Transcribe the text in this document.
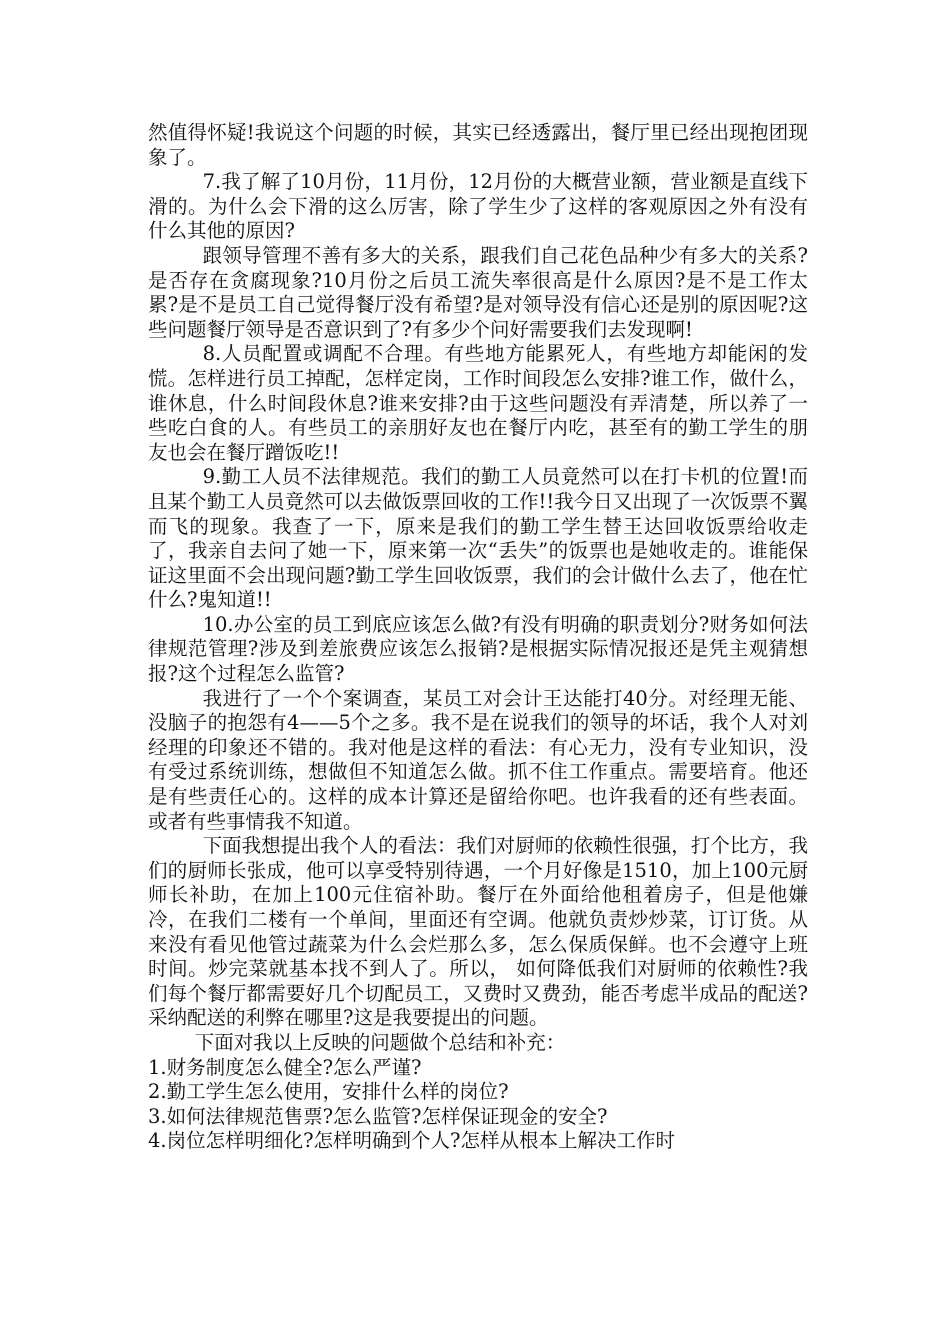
然值得怀疑!我说这个问题的时候，其实已经透露出，餐厅里已经出现抱团现象了。

7.我了解了10月份，11月份，12月份的大概营业额，营业额是直线下滑的。为什么会下滑的这么厉害，除了学生少了这样的客观原因之外有没有什么其他的原因?

跟领导管理不善有多大的关系，跟我们自己花色品种少有多大的关系?是否存在贪腐现象?10月份之后员工流失率很高是什么原因?是不是工作太累?是不是员工自己觉得餐厅没有希望?是对领导没有信心还是别的原因呢?这些问题餐厅领导是否意识到了?有多少个问好需要我们去发现啊!

8.人员配置或调配不合理。有些地方能累死人，有些地方却能闲的发慌。怎样进行员工掉配，怎样定岗，工作时间段怎么安排?谁工作，做什么，谁休息，什么时间段休息?谁来安排?由于这些问题没有弄清楚，所以养了一些吃白食的人。有些员工的亲朋好友也在餐厅内吃，甚至有的勤工学生的朋友也会在餐厅蹭饭吃!!

9.勤工人员不法律规范。我们的勤工人员竟然可以在打卡机的位置!而且某个勤工人员竟然可以去做饭票回收的工作!!我今日又出现了一次饭票不翼而飞的现象。我查了一下，原来是我们的勤工学生替王达回收饭票给收走了，我亲自去问了她一下，原来第一次“丢失”的饭票也是她收走的。谁能保证这里面不会出现问题?勤工学生回收饭票，我们的会计做什么去了，他在忙什么?鬼知道!!

10.办公室的员工到底应该怎么做?有没有明确的职责划分?财务如何法律规范管理?涉及到差旅费应该怎么报销?是根据实际情况报还是凭主观猜想报?这个过程怎么监管?

我进行了一个个案调查，某员工对会计王达能打40分。对经理无能、没脑子的抱怨有4——5个之多。我不是在说我们的领导的坏话，我个人对刘经理的印象还不错的。我对他是这样的看法：有心无力，没有专业知识，没有受过系统训练，想做但不知道怎么做。抓不住工作重点。需要培育。他还是有些责任心的。这样的成本计算还是留给你吧。也许我看的还有些表面。或者有些事情我不知道。

下面我想提出我个人的看法：我们对厨师的依赖性很强，打个比方，我们的厨师长张成，他可以享受特别待遇，一个月好像是1510，加上100元厨师长补助，在加上100元住宿补助。餐厅在外面给他租着房子，但是他嫌冷，在我们二楼有一个单间，里面还有空调。他就负责炒炒菜，订订货。从来没有看见他管过蔬菜为什么会烂那么多，怎么保质保鲜。也不会遵守上班时间。炒完菜就基本找不到人了。所以， 如何降低我们对厨师的依赖性?我们每个餐厅都需要好几个切配员工，又费时又费劲，能否考虑半成品的配送?采纳配送的利弊在哪里?这是我要提出的问题。

下面对我以上反映的问题做个总结和补充：

1.财务制度怎么健全?怎么严谨?

2.勤工学生怎么使用，安排什么样的岗位?

3.如何法律规范售票?怎么监管?怎样保证现金的安全?

4.岗位怎样明细化?怎样明确到个人?怎样从根本上解决工作时
